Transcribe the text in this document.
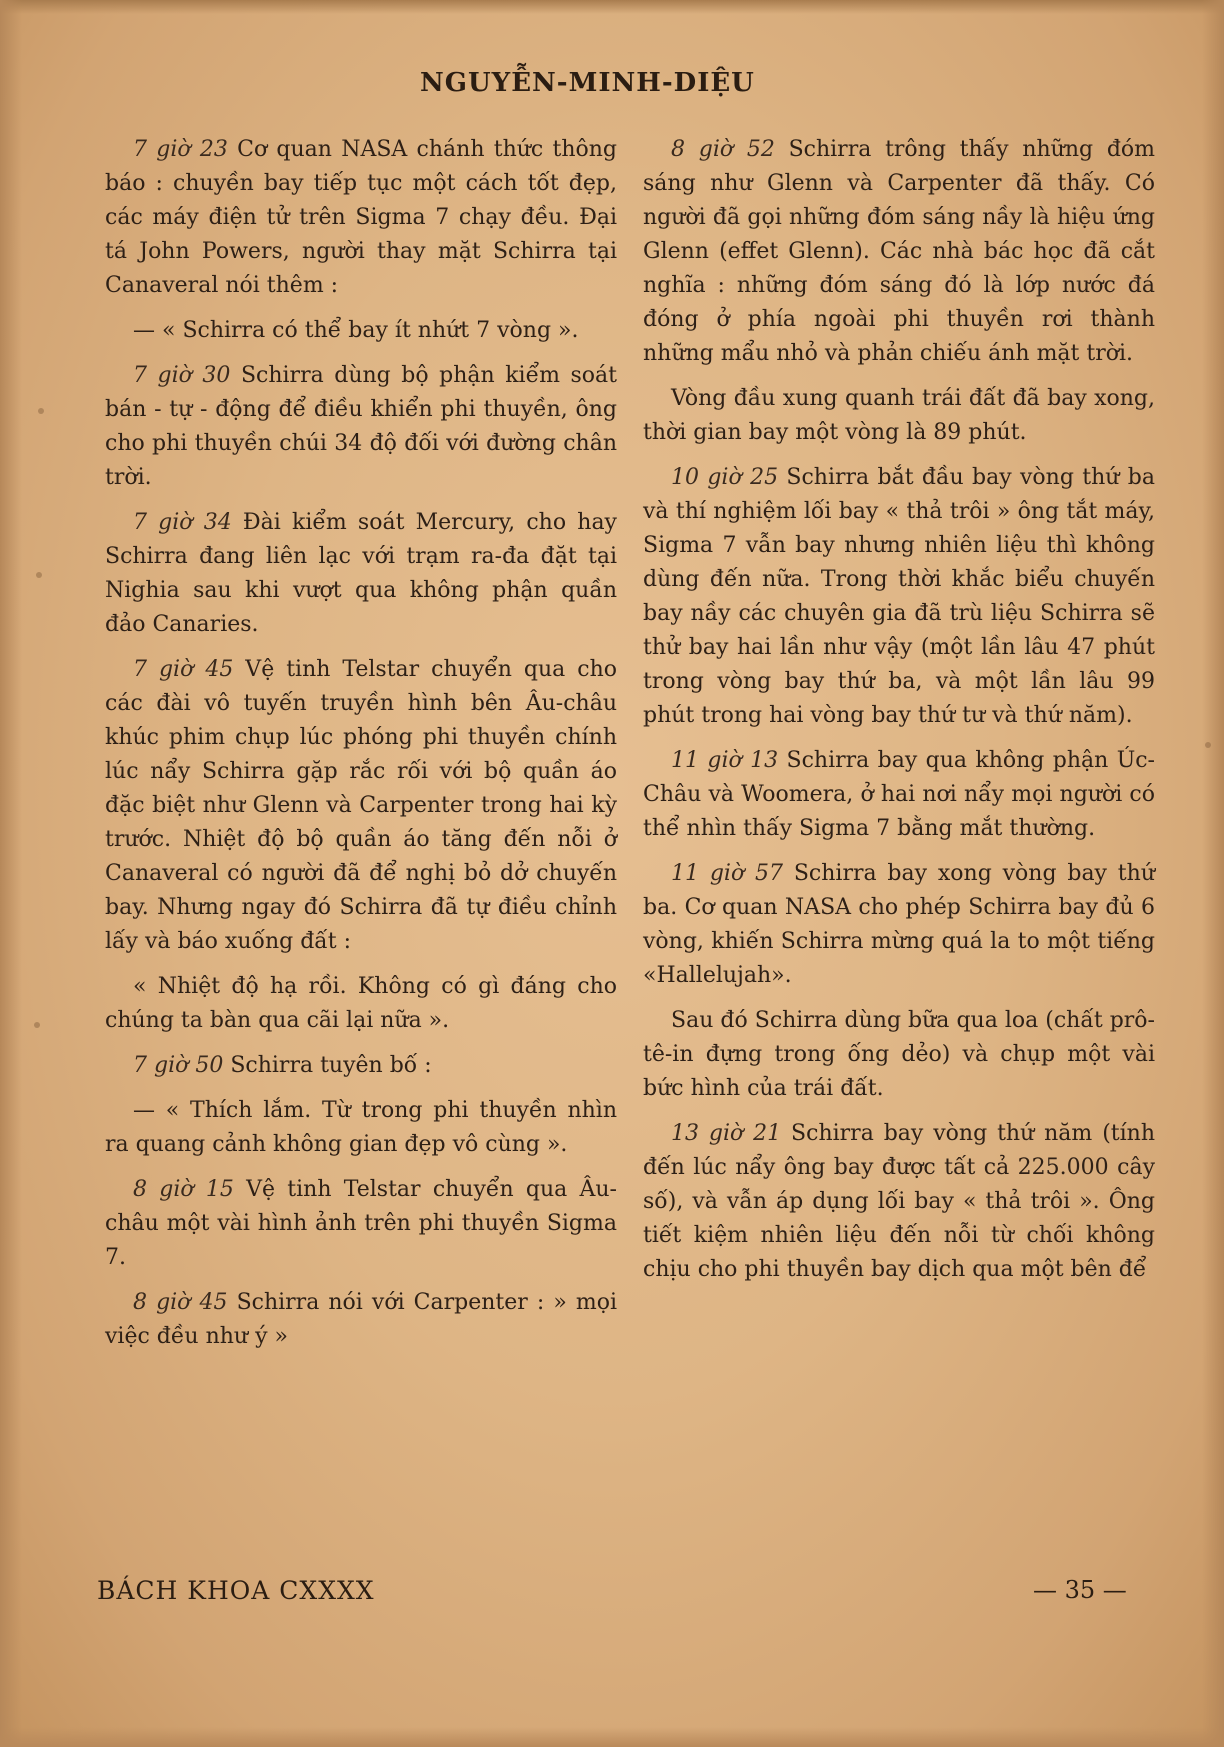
NGUYỄN-MINH-DIỆU

7 giờ 23 Cơ quan NASA chánh thức thông báo : chuyền bay tiếp tục một cách tốt đẹp, các máy điện tử trên Sigma 7 chạy đều. Đại tá John Powers, người thay mặt Schirra tại Canaveral nói thêm :

— « Schirra có thể bay ít nhứt 7 vòng ».

7 giờ 30 Schirra dùng bộ phận kiểm soát bán - tự - động để điều khiển phi thuyền, ông cho phi thuyền chúi 34 độ đối với đường chân trời.

7 giờ 34 Đài kiểm soát Mercury, cho hay Schirra đang liên lạc với trạm ra-đa đặt tại Nighia sau khi vượt qua không phận quần đảo Canaries.

7 giờ 45 Vệ tinh Telstar chuyển qua cho các đài vô tuyến truyền hình bên Âu-châu khúc phim chụp lúc phóng phi thuyền chính lúc nẩy Schirra gặp rắc rối với bộ quần áo đặc biệt như Glenn và Carpenter trong hai kỳ trước. Nhiệt độ bộ quần áo tăng đến nỗi ở Canaveral có người đã để nghị bỏ dở chuyến bay. Nhưng ngay đó Schirra đã tự điều chỉnh lấy và báo xuống đất :

« Nhiệt độ hạ rồi. Không có gì đáng cho chúng ta bàn qua cãi lại nữa ».

7 giờ 50 Schirra tuyên bố :

— « Thích lắm. Từ trong phi thuyền nhìn ra quang cảnh không gian đẹp vô cùng ».

8 giờ 15 Vệ tinh Telstar chuyển qua Âu-châu một vài hình ảnh trên phi thuyền Sigma 7.

8 giờ 45 Schirra nói với Carpenter : » mọi việc đều như ý »

8 giờ 52 Schirra trông thấy những đóm sáng như Glenn và Carpenter đã thấy. Có người đã gọi những đóm sáng nầy là hiệu ứng Glenn (effet Glenn). Các nhà bác học đã cắt nghĩa : những đóm sáng đó là lớp nước đá đóng ở phía ngoài phi thuyền rơi thành những mẩu nhỏ và phản chiếu ánh mặt trời.

Vòng đầu xung quanh trái đất đã bay xong, thời gian bay một vòng là 89 phút.

10 giờ 25 Schirra bắt đầu bay vòng thứ ba và thí nghiệm lối bay « thả trôi » ông tắt máy, Sigma 7 vẫn bay nhưng nhiên liệu thì không dùng đến nữa. Trong thời khắc biểu chuyến bay nầy các chuyên gia đã trù liệu Schirra sẽ thử bay hai lần như vậy (một lần lâu 47 phút trong vòng bay thứ ba, và một lần lâu 99 phút trong hai vòng bay thứ tư và thứ năm).

11 giờ 13 Schirra bay qua không phận Úc-Châu và Woomera, ở hai nơi nẩy mọi người có thể nhìn thấy Sigma 7 bằng mắt thường.

11 giờ 57 Schirra bay xong vòng bay thứ ba. Cơ quan NASA cho phép Schirra bay đủ 6 vòng, khiến Schirra mừng quá la to một tiếng «Hallelujah».

Sau đó Schirra dùng bữa qua loa (chất prô-tê-in đựng trong ống dẻo) và chụp một vài bức hình của trái đất.

13 giờ 21 Schirra bay vòng thứ năm (tính đến lúc nẩy ông bay được tất cả 225.000 cây số), và vẫn áp dụng lối bay « thả trôi ». Ông tiết kiệm nhiên liệu đến nỗi từ chối không chịu cho phi thuyền bay dịch qua một bên để

BÁCH KHOA CXXXX	— 35 —
